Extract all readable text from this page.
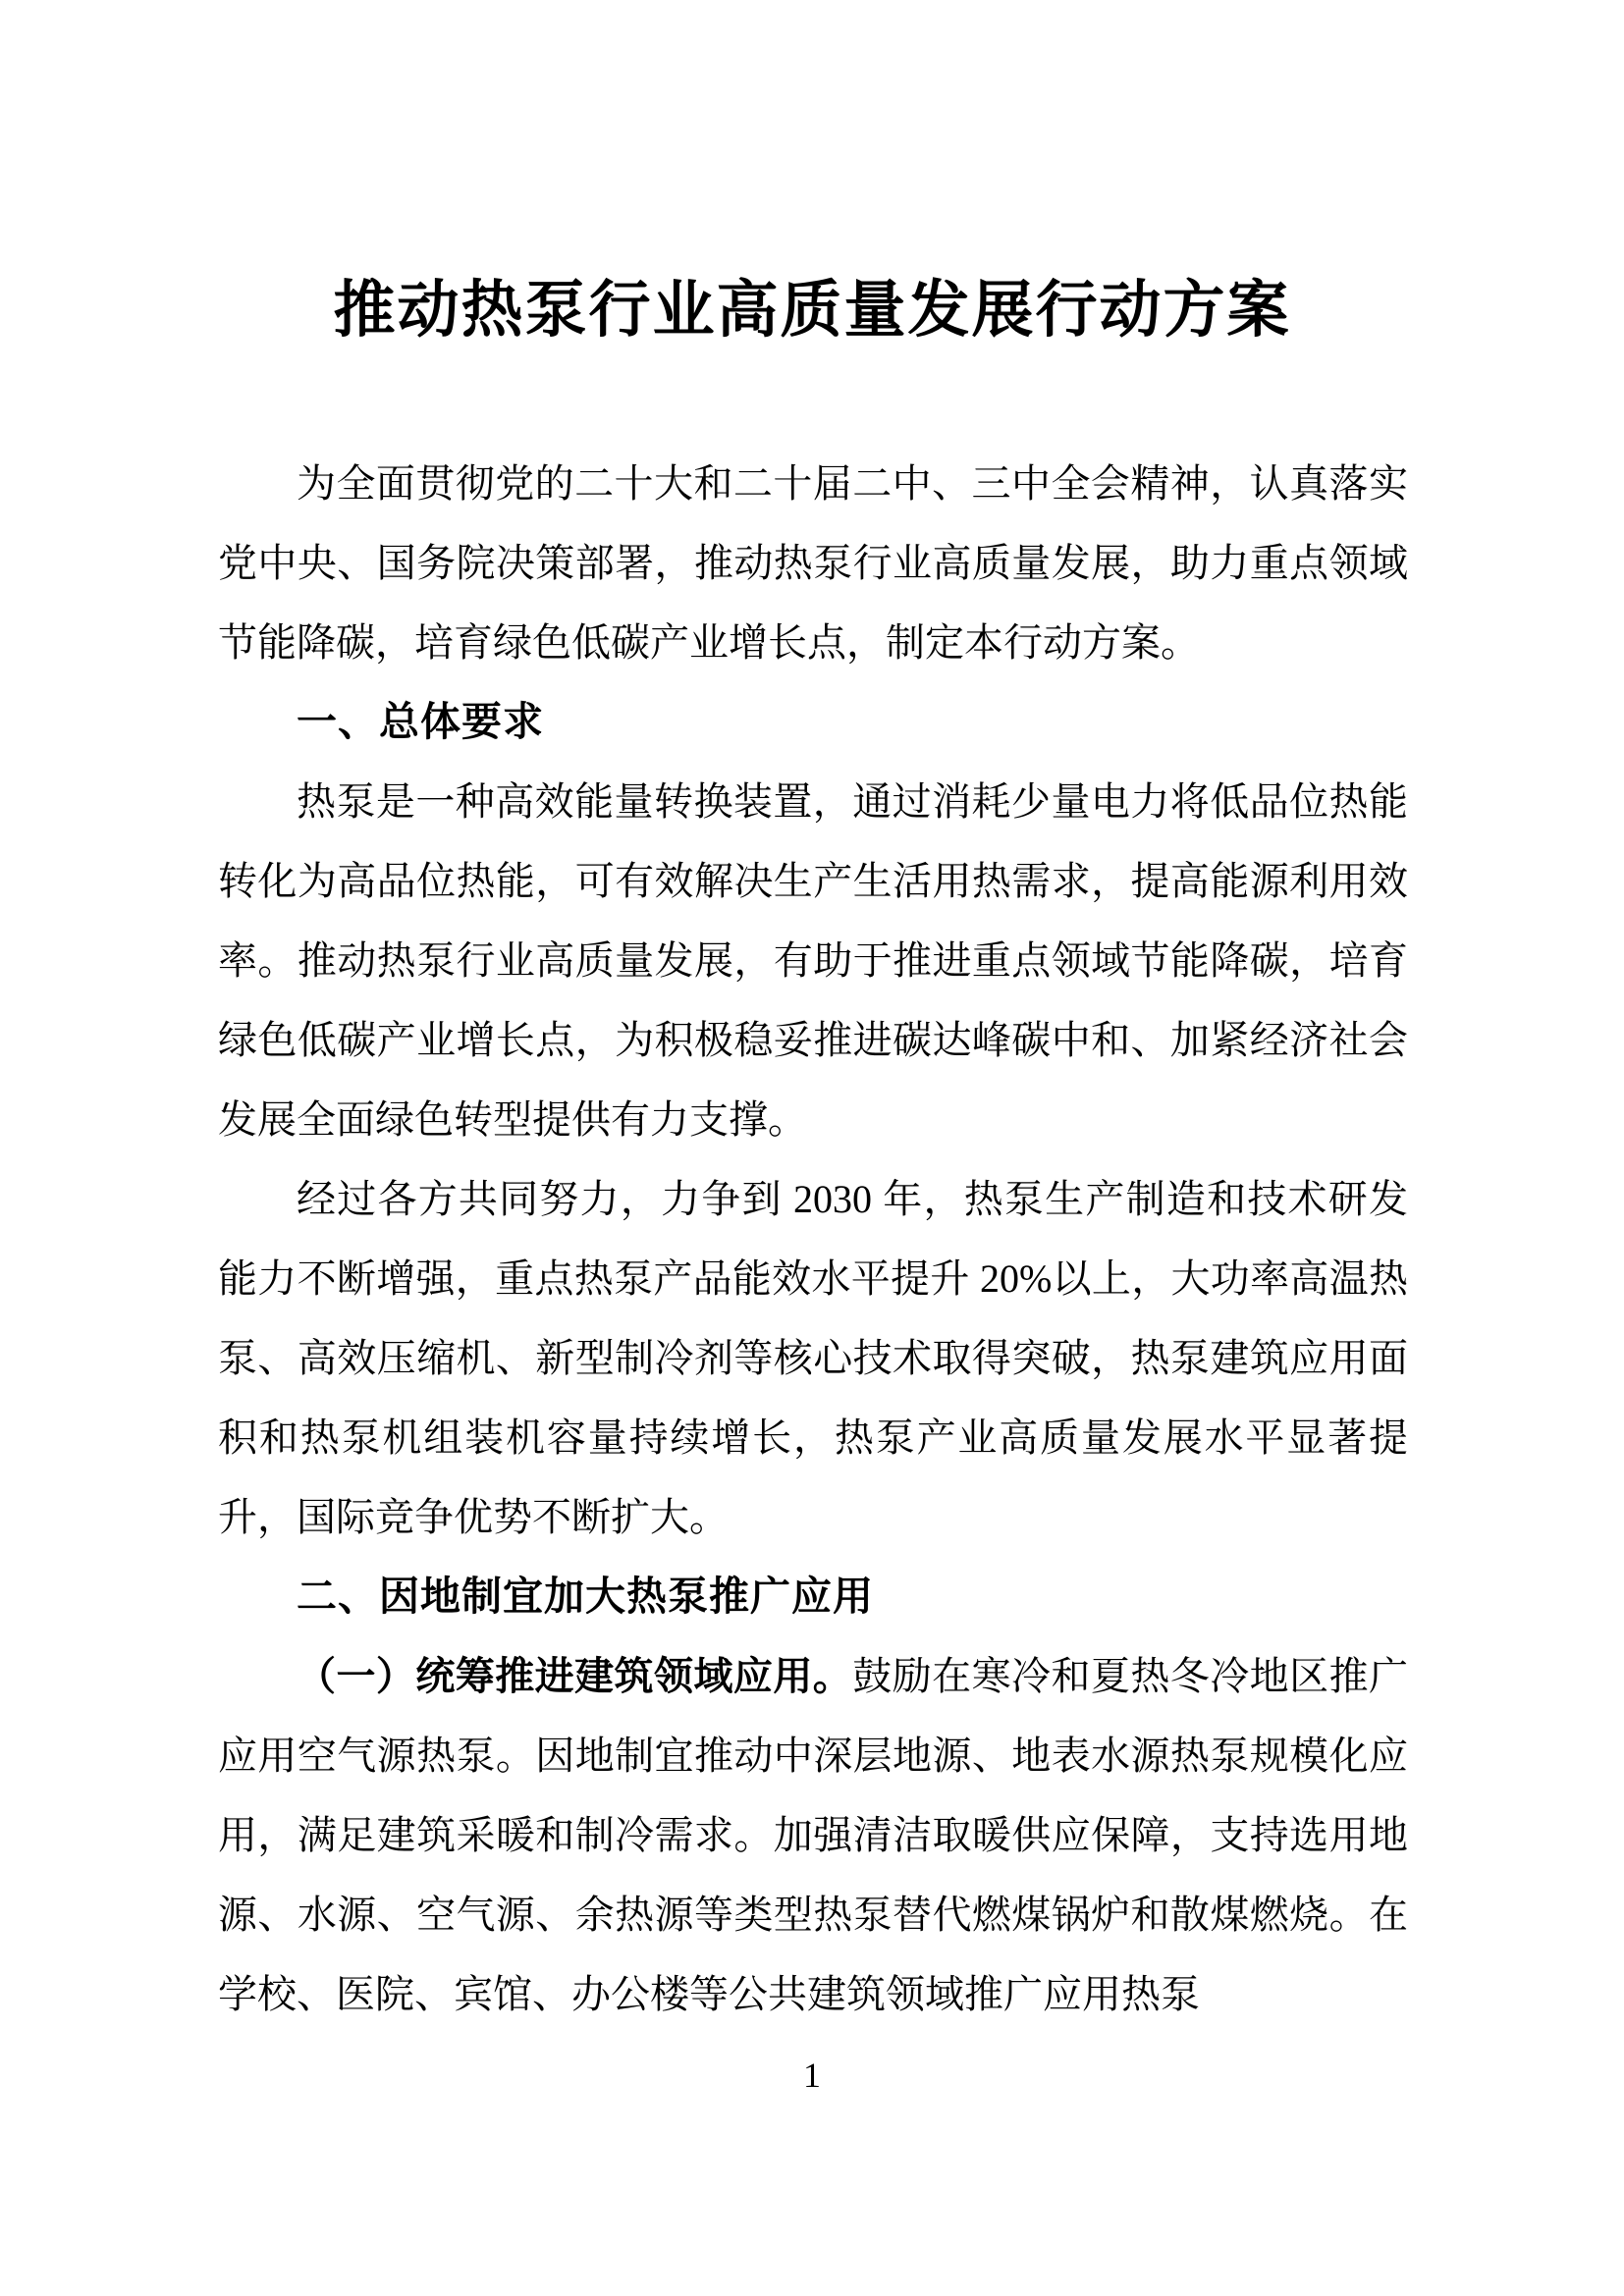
推动热泵行业高质量发展行动方案

为全面贯彻党的二十大和二十届二中、三中全会精神，认真落实党中央、国务院决策部署，推动热泵行业高质量发展，助力重点领域节能降碳，培育绿色低碳产业增长点，制定本行动方案。

一、总体要求

热泵是一种高效能量转换装置，通过消耗少量电力将低品位热能转化为高品位热能，可有效解决生产生活用热需求，提高能源利用效率。推动热泵行业高质量发展，有助于推进重点领域节能降碳，培育绿色低碳产业增长点，为积极稳妥推进碳达峰碳中和、加紧经济社会发展全面绿色转型提供有力支撑。

经过各方共同努力，力争到 2030 年，热泵生产制造和技术研发能力不断增强，重点热泵产品能效水平提升 20%以上，大功率高温热泵、高效压缩机、新型制冷剂等核心技术取得突破，热泵建筑应用面积和热泵机组装机容量持续增长，热泵产业高质量发展水平显著提升，国际竞争优势不断扩大。

二、因地制宜加大热泵推广应用

（一）统筹推进建筑领域应用。鼓励在寒冷和夏热冬冷地区推广应用空气源热泵。因地制宜推动中深层地源、地表水源热泵规模化应用，满足建筑采暖和制冷需求。加强清洁取暖供应保障，支持选用地源、水源、空气源、余热源等类型热泵替代燃煤锅炉和散煤燃烧。在学校、医院、宾馆、办公楼等公共建筑领域推广应用热泵

1
